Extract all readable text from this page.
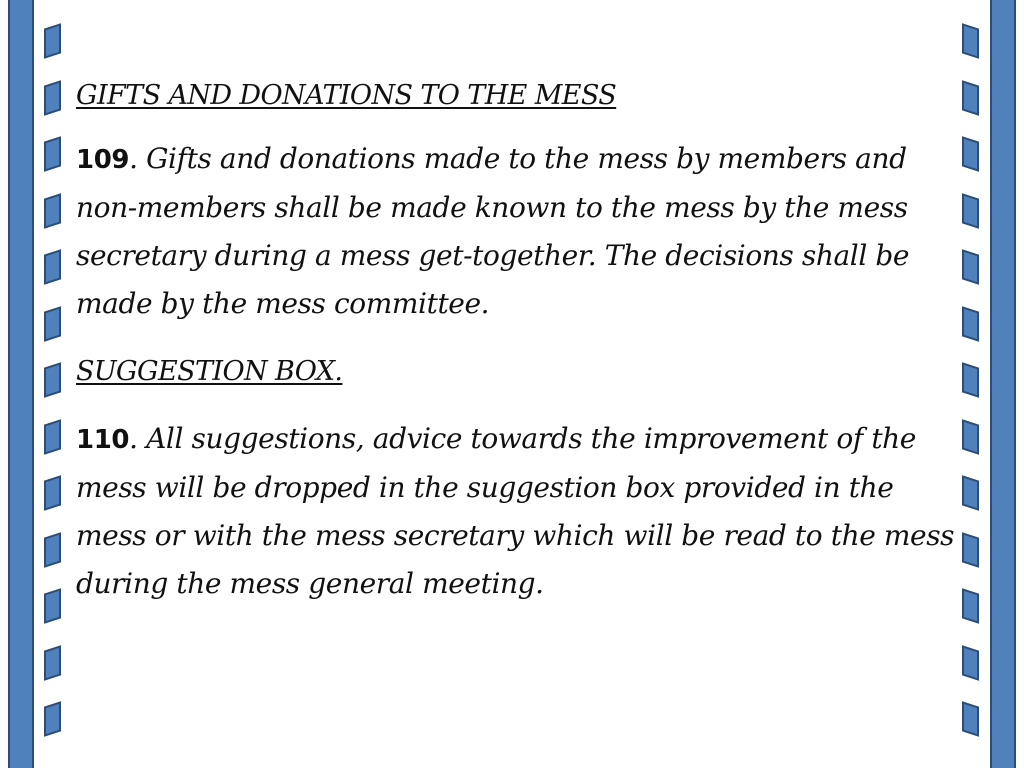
GIFTS AND DONATIONS TO THE MESS

109. Gifts and donations made to the mess by members and non-members shall be made known to the mess by the mess secretary during a mess get-together. The decisions shall be made by the mess committee.

SUGGESTION BOX.

110. All suggestions, advice towards the improvement of the mess will be dropped in the suggestion box provided in the mess or with the mess secretary which will be read to the mess during the mess general meeting.
